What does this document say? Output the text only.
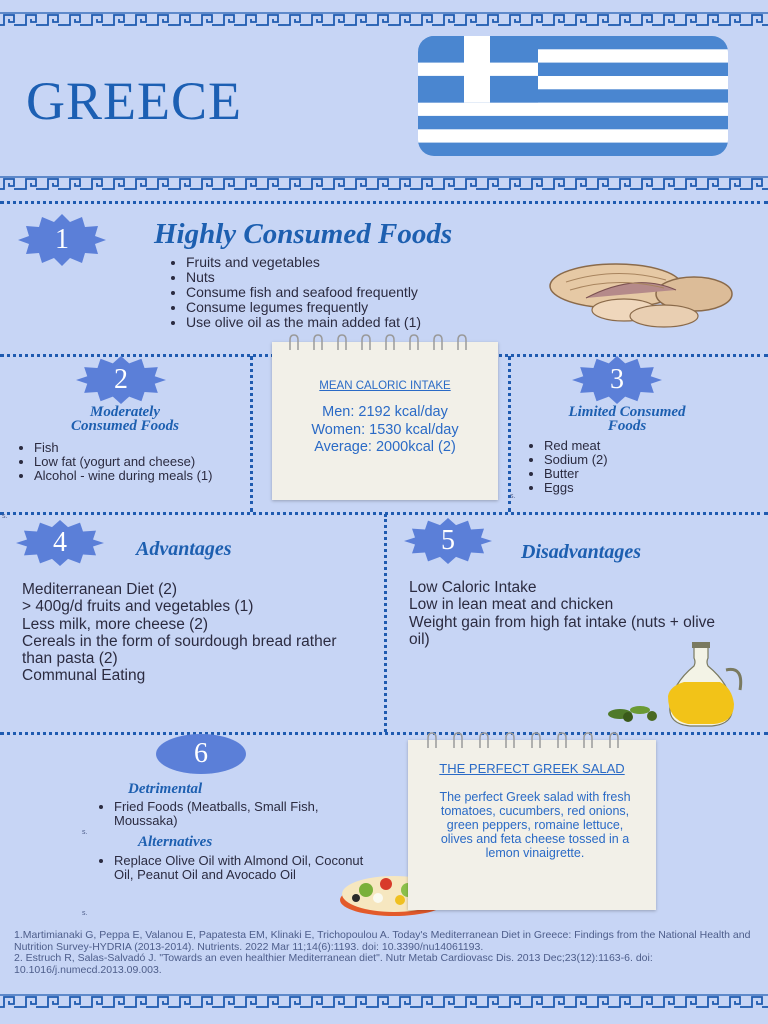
GREECE
1	Highly Consumed Foods
• Fruits and vegetables
• Nuts
• Consume fish and seafood frequently
• Consume legumes frequently
• Use olive oil as the main added fat (1)
2
Moderately
Consumed Foods
• Fish
• Low fat (yogurt and cheese)
• Alcohol - wine during meals (1)
MEAN CALORIC INTAKE
Men: 2192 kcal/day
Women: 1530 kcal/day
Average: 2000kcal (2)
3
Limited Consumed
Foods
• Red meat
• Sodium (2)
• Butter
• Eggs
4	Advantages
Mediterranean Diet (2)
> 400g/d fruits and vegetables (1)
Less milk, more cheese (2)
Cereals in the form of sourdough bread rather than pasta (2)
Communal Eating
5	Disadvantages
Low Caloric Intake
Low in lean meat and chicken
Weight gain from high fat intake (nuts + olive oil)
6
Detrimental
• Fried Foods (Meatballs, Small Fish, Moussaka)
Alternatives
• Replace Olive Oil with Almond Oil, Coconut Oil, Peanut Oil and Avocado Oil
THE PERFECT GREEK SALAD
The perfect Greek salad with fresh tomatoes, cucumbers, red onions, green peppers, romaine lettuce, olives and feta cheese tossed in a lemon vinaigrette.
s.
s.
s.
s.
1.Martimianaki G, Peppa E, Valanou E, Papatesta EM, Klinaki E, Trichopoulou A. Today's Mediterranean Diet in Greece: Findings from the National Health and Nutrition Survey-HYDRIA (2013-2014). Nutrients. 2022 Mar 11;14(6):1193. doi: 10.3390/nu14061193.
2. Estruch R, Salas-Salvadó J. "Towards an even healthier Mediterranean diet". Nutr Metab Cardiovasc Dis. 2013 Dec;23(12):1163-6. doi: 10.1016/j.numecd.2013.09.003.
